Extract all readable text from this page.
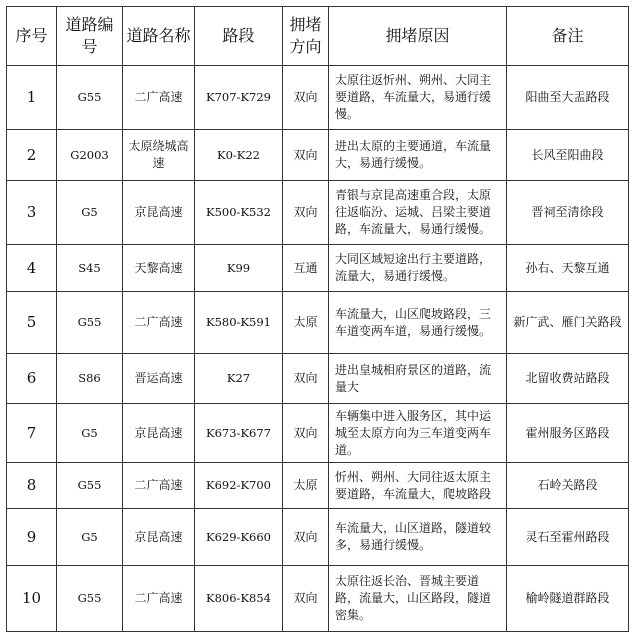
序号	道路编号	道路名称	路段	拥堵方向	拥堵原因	备注
1	G55	二广高速	K707-K729	双向	太原往返忻州、朔州、大同主要道路，车流量大，易通行缓慢。	阳曲至大盂路段
2	G2003	太原绕城高速	K0-K22	双向	进出太原的主要通道，车流量大，易通行缓慢。	长风至阳曲段
3	G5	京昆高速	K500-K532	双向	青银与京昆高速重合段，太原往返临汾、运城、吕梁主要道路，车流量大，易通行缓慢。	晋祠至清徐段
4	S45	天黎高速	K99	互通	大同区域短途出行主要道路，流量大，易通行缓慢。	孙右、天黎互通
5	G55	二广高速	K580-K591	太原	车流量大，山区爬坡路段，三车道变两车道，易通行缓慢。	新广武、雁门关路段
6	S86	晋运高速	K27	双向	进出皇城相府景区的道路，流量大	北留收费站路段
7	G5	京昆高速	K673-K677	双向	车辆集中进入服务区，其中运城至太原方向为三车道变两车道。	霍州服务区路段
8	G55	二广高速	K692-K700	太原	忻州、朔州、大同往返太原主要道路，车流量大，爬坡路段	石岭关路段
9	G5	京昆高速	K629-K660	双向	车流量大，山区道路，隧道较多，易通行缓慢。	灵石至霍州路段
10	G55	二广高速	K806-K854	双向	太原往返长治、晋城主要道路，流量大，山区路段，隧道密集。	榆岭隧道群路段
